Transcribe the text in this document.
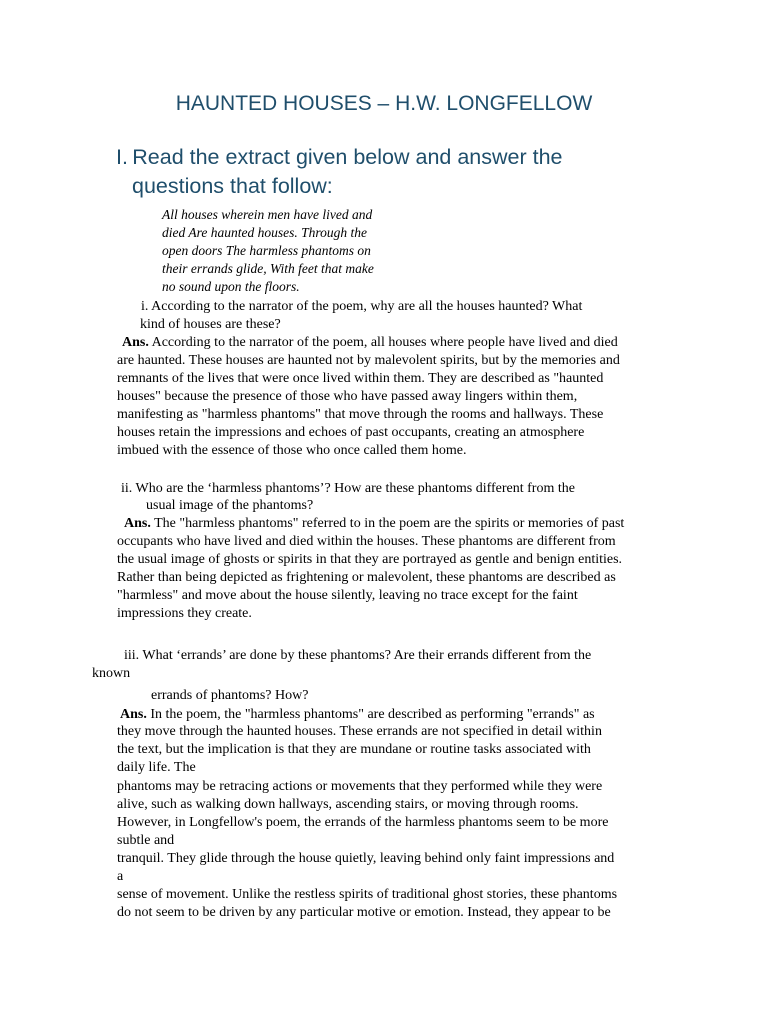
HAUNTED HOUSES – H.W. LONGFELLOW
I. Read the extract given below and answer the
questions that follow:
All houses wherein men have lived and
died Are haunted houses. Through the
open doors The harmless phantoms on
their errands glide, With feet that make
no sound upon the floors.
i. According to the narrator of the poem, why are all the houses haunted? What
kind of houses are these?
Ans. According to the narrator of the poem, all houses where people have lived and died
are haunted. These houses are haunted not by malevolent spirits, but by the memories and
remnants of the lives that were once lived within them. They are described as "haunted
houses" because the presence of those who have passed away lingers within them,
manifesting as "harmless phantoms" that move through the rooms and hallways. These
houses retain the impressions and echoes of past occupants, creating an atmosphere
imbued with the essence of those who once called them home.
ii. Who are the ‘harmless phantoms’? How are these phantoms different from the
usual image of the phantoms?
Ans. The "harmless phantoms" referred to in the poem are the spirits or memories of past
occupants who have lived and died within the houses. These phantoms are different from
the usual image of ghosts or spirits in that they are portrayed as gentle and benign entities.
Rather than being depicted as frightening or malevolent, these phantoms are described as
"harmless" and move about the house silently, leaving no trace except for the faint
impressions they create.
iii. What ‘errands’ are done by these phantoms? Are their errands different from the
known
errands of phantoms? How?
Ans. In the poem, the "harmless phantoms" are described as performing "errands" as
they move through the haunted houses. These errands are not specified in detail within
the text, but the implication is that they are mundane or routine tasks associated with
daily life. The
phantoms may be retracing actions or movements that they performed while they were
alive, such as walking down hallways, ascending stairs, or moving through rooms.
However, in Longfellow's poem, the errands of the harmless phantoms seem to be more
subtle and
tranquil. They glide through the house quietly, leaving behind only faint impressions and
a
sense of movement. Unlike the restless spirits of traditional ghost stories, these phantoms
do not seem to be driven by any particular motive or emotion. Instead, they appear to be
